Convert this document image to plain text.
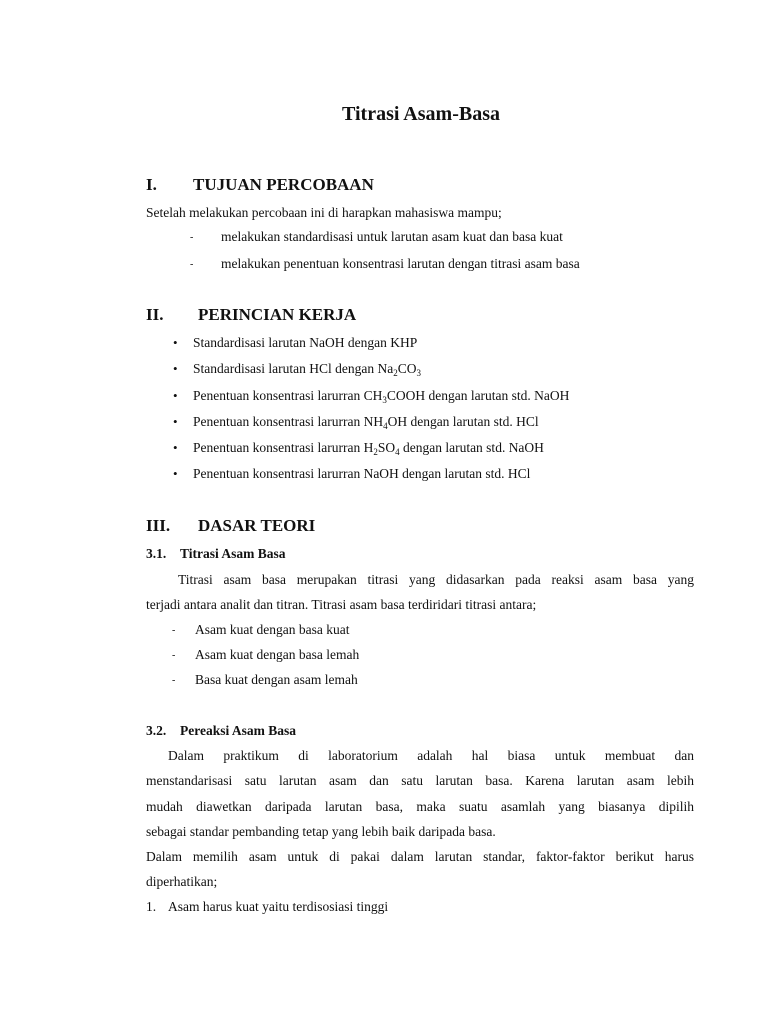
Titrasi Asam-Basa
I. TUJUAN PERCOBAAN
Setelah melakukan percobaan ini di harapkan mahasiswa mampu;
- melakukan standardisasi untuk larutan asam kuat dan basa kuat
- melakukan penentuan konsentrasi larutan dengan titrasi asam basa
II. PERINCIAN KERJA
• Standardisasi larutan NaOH dengan KHP
• Standardisasi larutan HCl dengan $Na_2CO_3$
• Penentuan konsentrasi larurran $CH_3COOH$ dengan larutan std. NaOH
• Penentuan konsentrasi larurran $NH_4OH$ dengan larutan std. HCl
• Penentuan konsentrasi larurran $H_2SO_4$ dengan larutan std. NaOH
• Penentuan konsentrasi larurran NaOH dengan larutan std. HCl
III. DASAR TEORI
3.1. Titrasi Asam Basa
Titrasi asam basa merupakan titrasi yang didasarkan pada reaksi asam basa yang
terjadi antara analit dan titran. Titrasi asam basa terdiridari titrasi antara;
- Asam kuat dengan basa kuat
- Asam kuat dengan basa lemah
- Basa kuat dengan asam lemah
3.2. Pereaksi Asam Basa
Dalam praktikum di laboratorium adalah hal biasa untuk membuat dan
menstandarisasi satu larutan asam dan satu larutan basa. Karena larutan asam lebih
mudah diawetkan daripada larutan basa, maka suatu asamlah yang biasanya dipilih
sebagai standar pembanding tetap yang lebih baik daripada basa.
Dalam memilih asam untuk di pakai dalam larutan standar, faktor-faktor berikut harus
diperhatikan;
1. Asam harus kuat yaitu terdisosiasi tinggi
